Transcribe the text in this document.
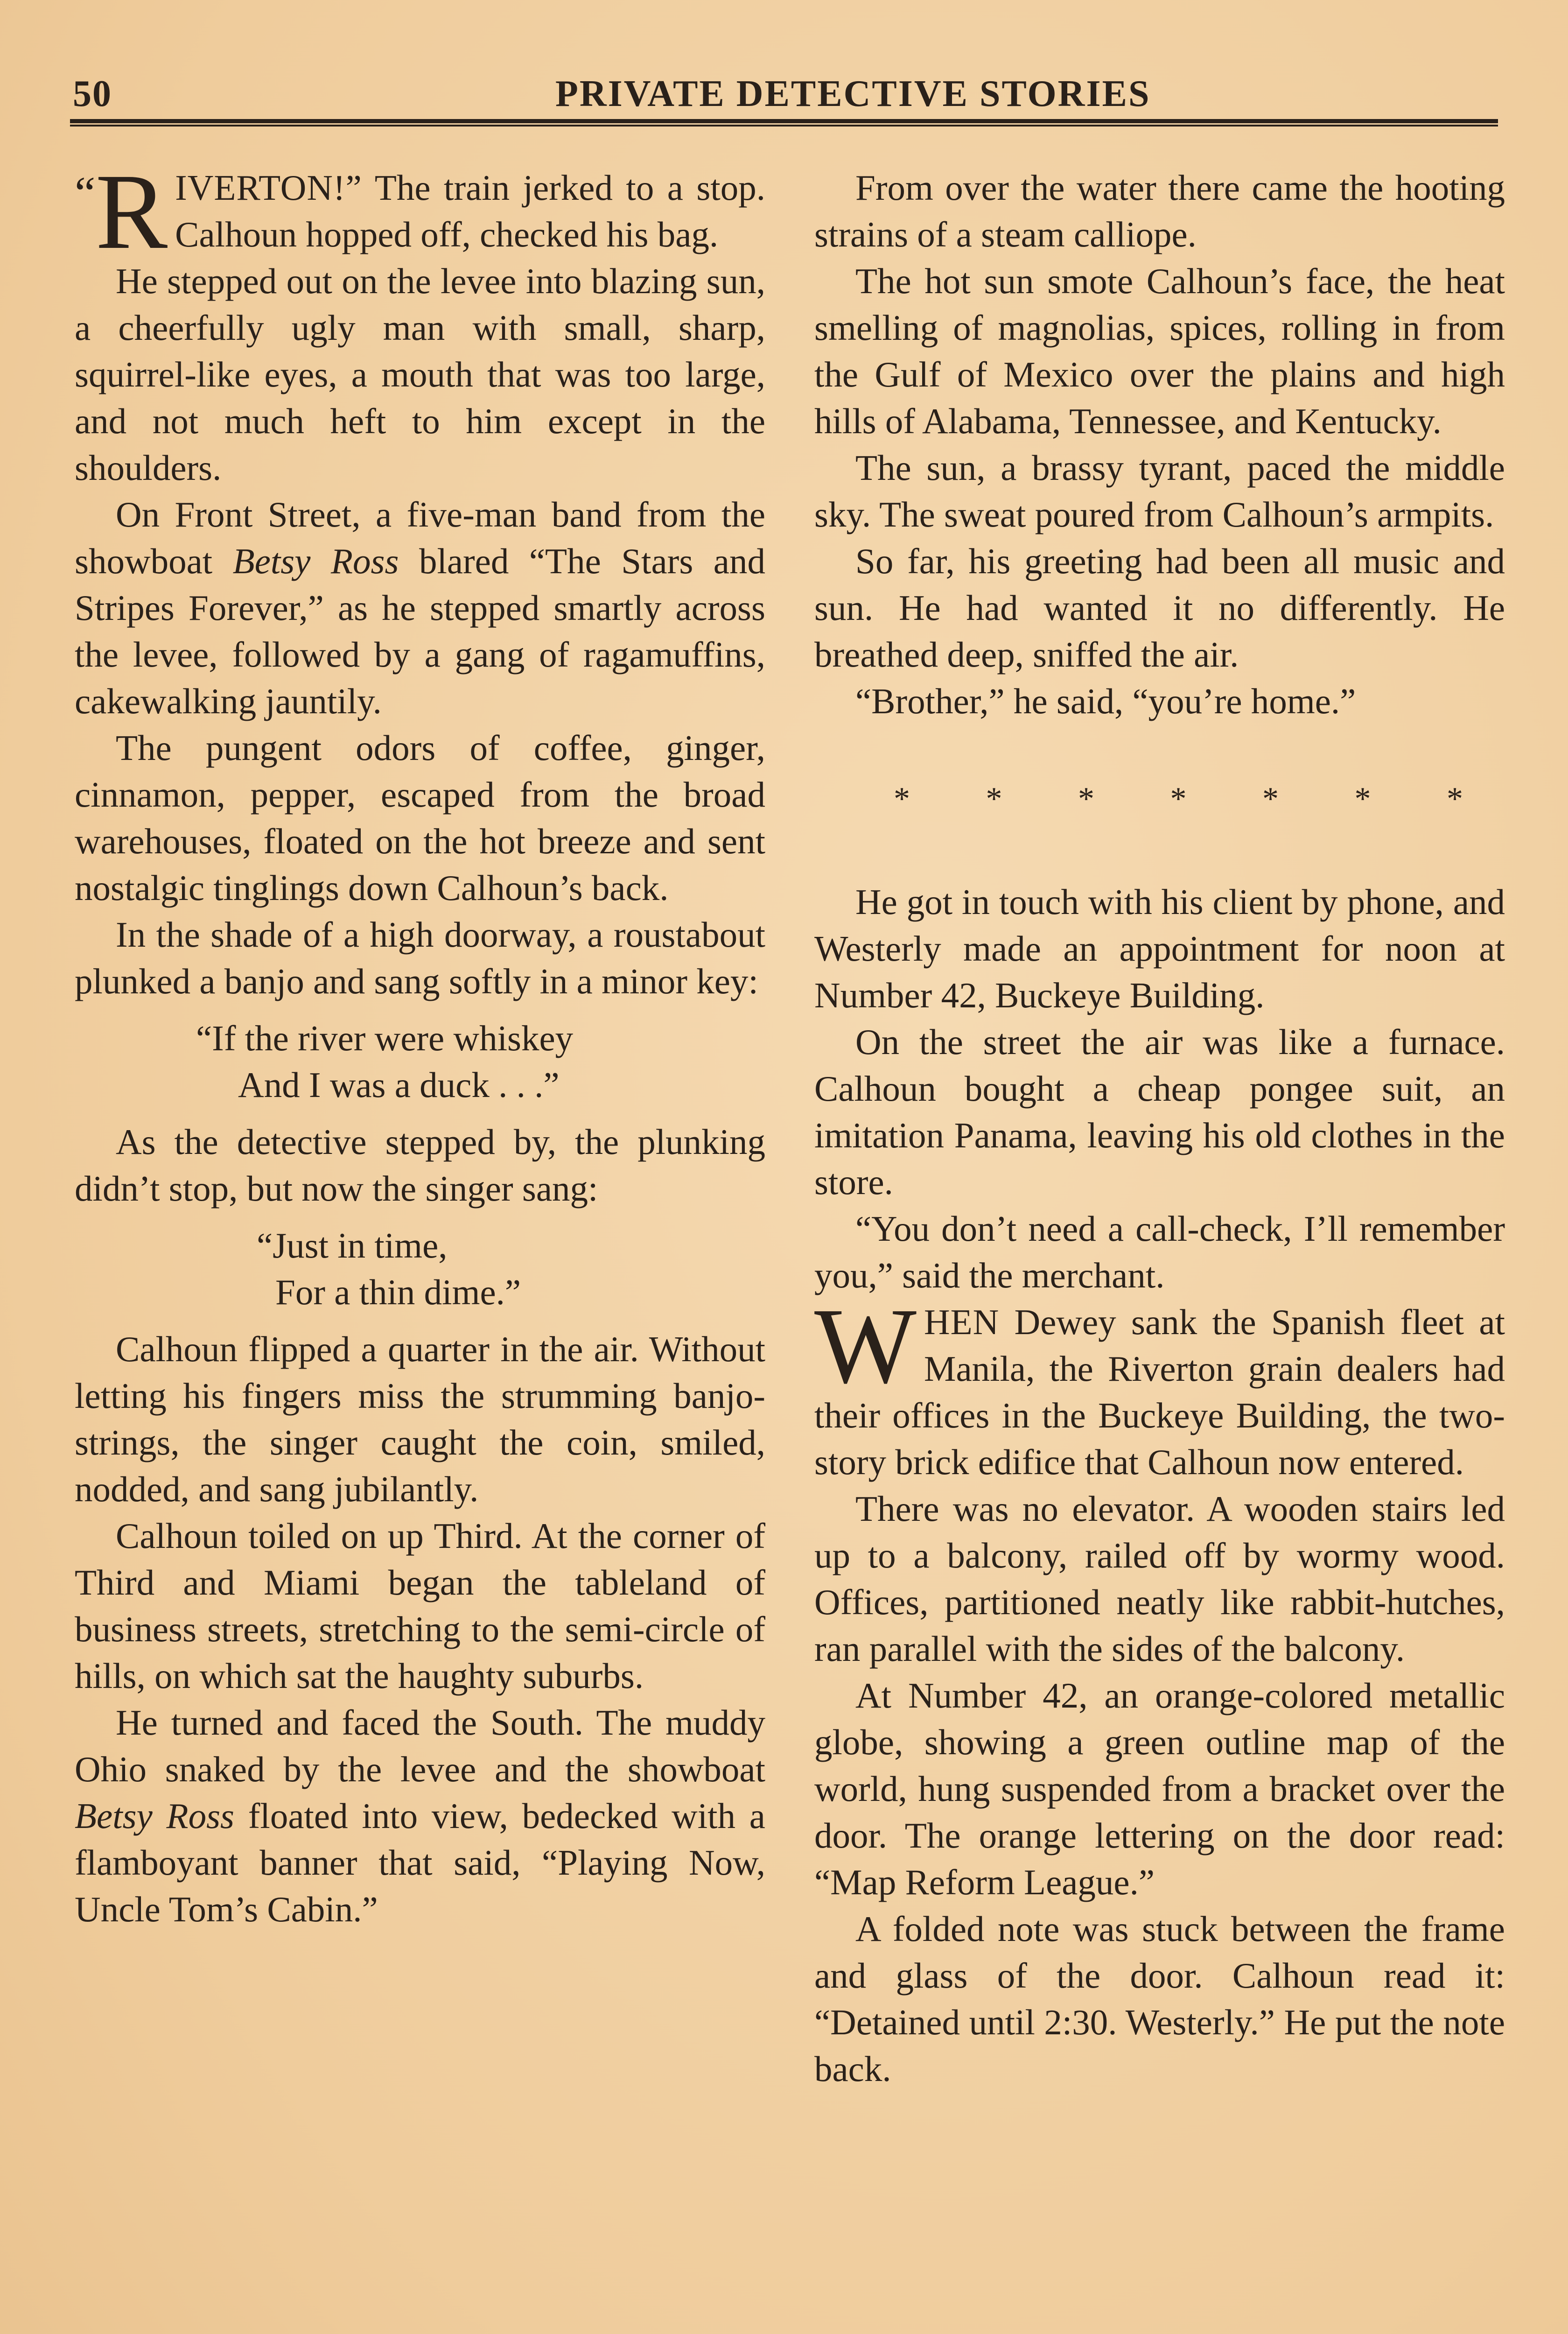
50	PRIVATE DETECTIVE STORIES

“R IVERTON!” The train jerked to a stop. Calhoun hopped off, checked his bag.

He stepped out on the levee into blazing sun, a cheerfully ugly man with small, sharp, squirrel-like eyes, a mouth that was too large, and not much heft to him except in the shoulders.

On Front Street, a five-man band from the showboat Betsy Ross blared “The Stars and Stripes Forever,” as he stepped smartly across the levee, followed by a gang of ragamuffins, cakewalking jauntily.

The pungent odors of coffee, ginger, cinnamon, pepper, escaped from the broad warehouses, floated on the hot breeze and sent nostalgic tinglings down Calhoun’s back.

In the shade of a high doorway, a roustabout plunked a banjo and sang softly in a minor key:

“If the river were whiskey
And I was a duck . . .”

As the detective stepped by, the plunking didn’t stop, but now the singer sang:

“Just in time,
For a thin dime.”

Calhoun flipped a quarter in the air. Without letting his fingers miss the strumming banjo-strings, the singer caught the coin, smiled, nodded, and sang jubilantly.

Calhoun toiled on up Third. At the corner of Third and Miami began the tableland of business streets, stretching to the semi-circle of hills, on which sat the haughty suburbs.

He turned and faced the South. The muddy Ohio snaked by the levee and the showboat Betsy Ross floated into view, bedecked with a flamboyant banner that said, “Playing Now, Uncle Tom’s Cabin.”

From over the water there came the hooting strains of a steam calliope.

The hot sun smote Calhoun’s face, the heat smelling of magnolias, spices, rolling in from the Gulf of Mexico over the plains and high hills of Alabama, Tennessee, and Kentucky.

The sun, a brassy tyrant, paced the middle sky. The sweat poured from Calhoun’s armpits.

So far, his greeting had been all music and sun. He had wanted it no differently. He breathed deep, sniffed the air.

“Brother,” he said, “you’re home.”

* * * * * * *

He got in touch with his client by phone, and Westerly made an appointment for noon at Number 42, Buckeye Building.

On the street the air was like a furnace. Calhoun bought a cheap pongee suit, an imitation Panama, leaving his old clothes in the store.

“You don’t need a call-check, I’ll remember you,” said the merchant.

WHEN Dewey sank the Spanish fleet at Manila, the Riverton grain dealers had their offices in the Buckeye Building, the two-story brick edifice that Calhoun now entered.

There was no elevator. A wooden stairs led up to a balcony, railed off by wormy wood. Offices, partitioned neatly like rabbit-hutches, ran parallel with the sides of the balcony.

At Number 42, an orange-colored metallic globe, showing a green outline map of the world, hung suspended from a bracket over the door. The orange lettering on the door read: “Map Reform League.”

A folded note was stuck between the frame and glass of the door. Calhoun read it: “Detained until 2:30. Westerly.” He put the note back.
